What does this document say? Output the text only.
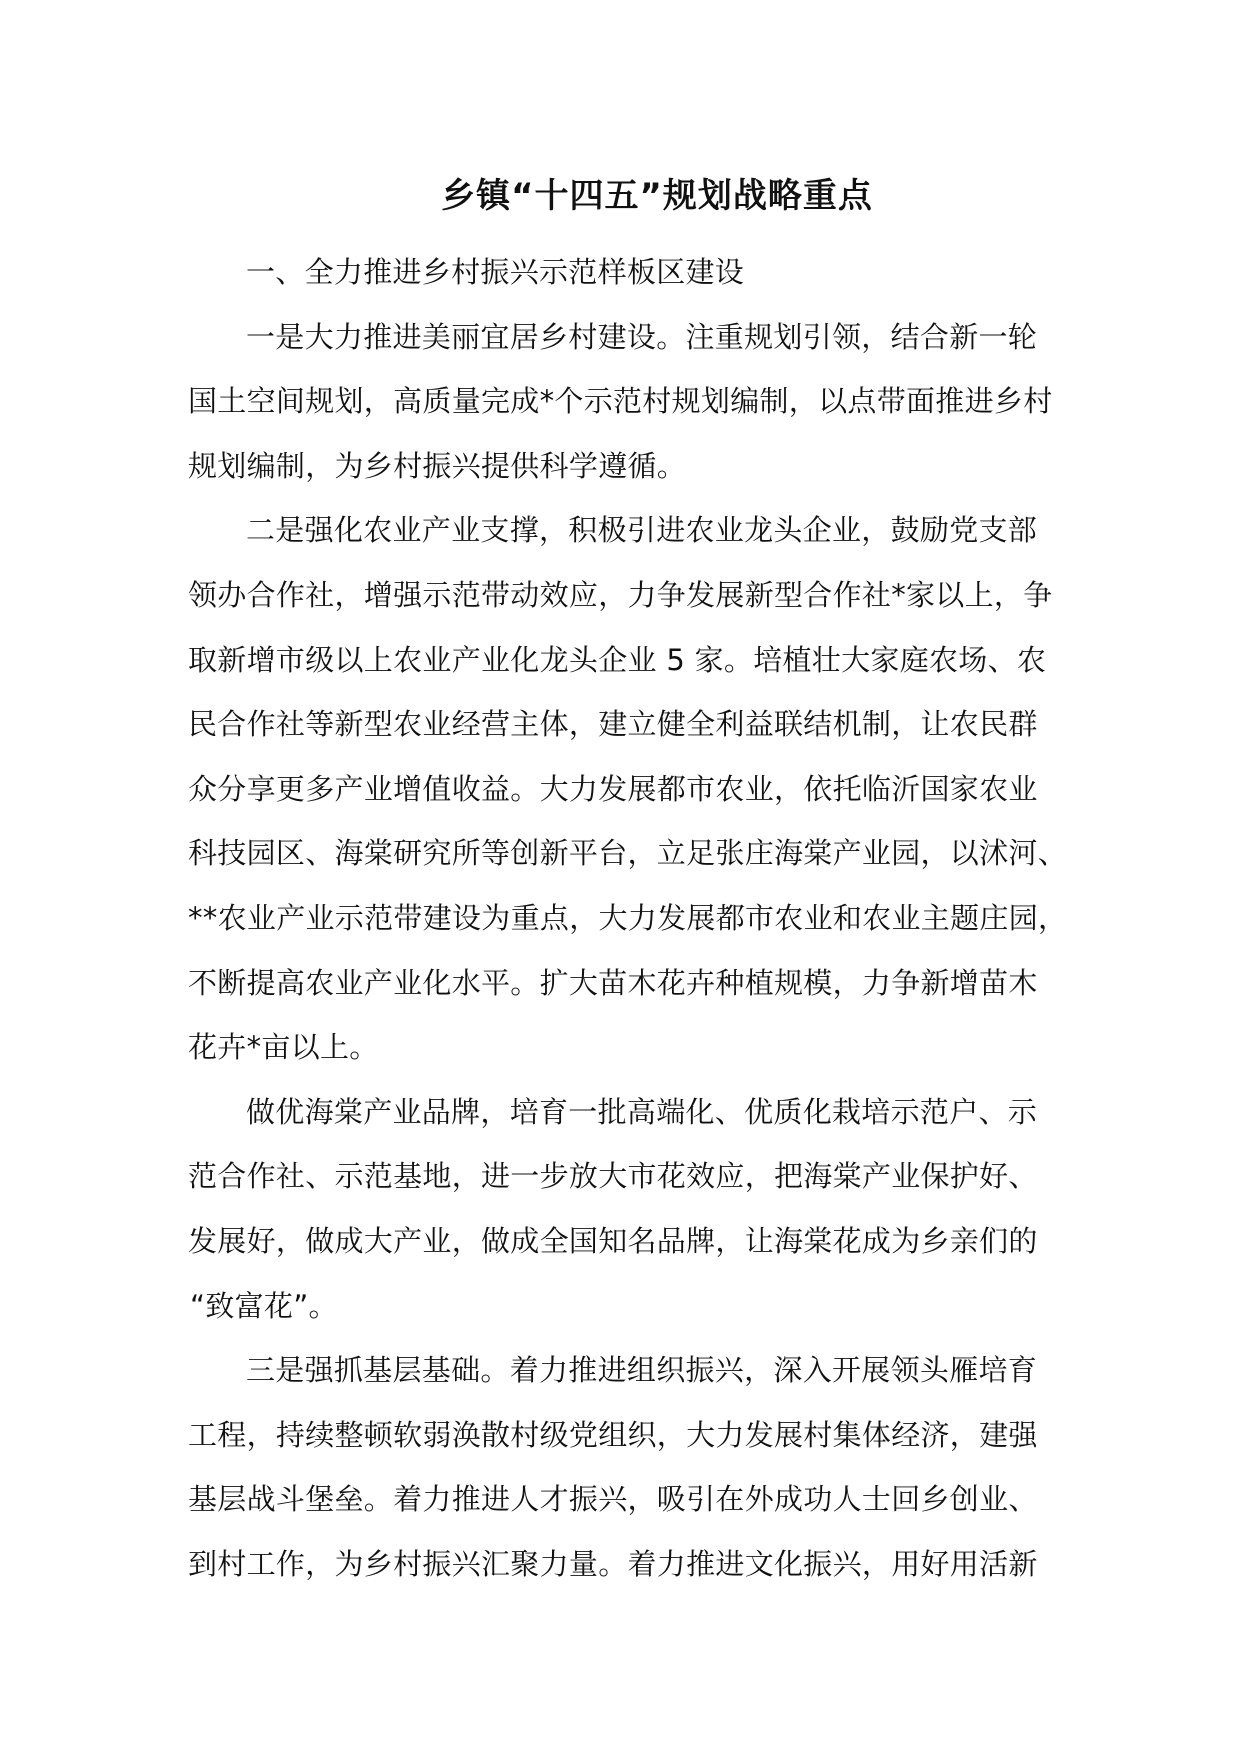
乡镇“十四五”规划战略重点

一、全力推进乡村振兴示范样板区建设

一是大力推进美丽宜居乡村建设。注重规划引领，结合新一轮
国土空间规划，高质量完成*个示范村规划编制，以点带面推进乡村
规划编制，为乡村振兴提供科学遵循。

二是强化农业产业支撑，积极引进农业龙头企业，鼓励党支部
领办合作社，增强示范带动效应，力争发展新型合作社*家以上，争
取新增市级以上农业产业化龙头企业 5 家。培植壮大家庭农场、农
民合作社等新型农业经营主体，建立健全利益联结机制，让农民群
众分享更多产业增值收益。大力发展都市农业，依托临沂国家农业
科技园区、海棠研究所等创新平台，立足张庄海棠产业园，以沭河、
**农业产业示范带建设为重点，大力发展都市农业和农业主题庄园，
不断提高农业产业化水平。扩大苗木花卉种植规模，力争新增苗木
花卉*亩以上。

做优海棠产业品牌，培育一批高端化、优质化栽培示范户、示
范合作社、示范基地，进一步放大市花效应，把海棠产业保护好、
发展好，做成大产业，做成全国知名品牌，让海棠花成为乡亲们的
“致富花”。

三是强抓基层基础。着力推进组织振兴，深入开展领头雁培育
工程，持续整顿软弱涣散村级党组织，大力发展村集体经济，建强
基层战斗堡垒。着力推进人才振兴，吸引在外成功人士回乡创业、
到村工作，为乡村振兴汇聚力量。着力推进文化振兴，用好用活新
